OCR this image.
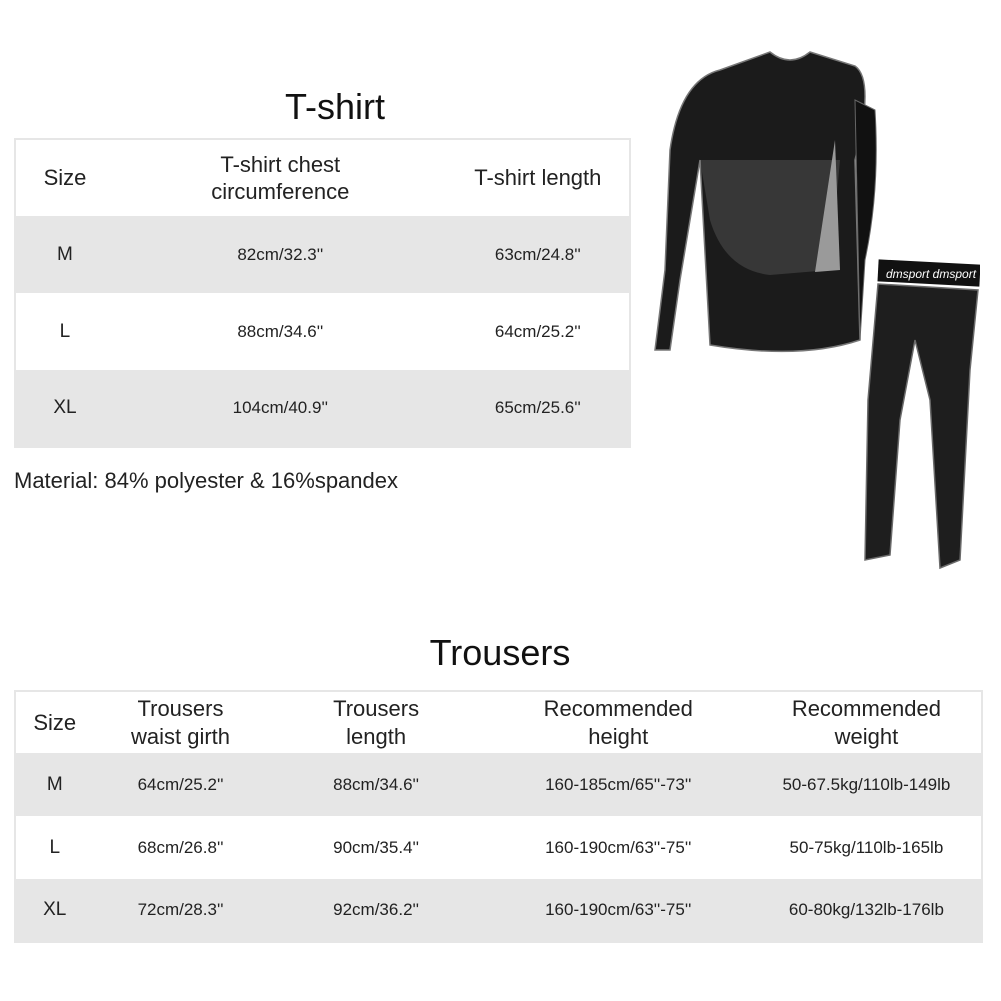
T-shirt
Size	T-shirt chest circumference	T-shirt length	
M	82cm/32.3''	63cm/24.8''	
L	88cm/34.6''	64cm/25.2''	
XL	104cm/40.9''	65cm/25.6''	
Material: 84% polyester & 16%spandex
dmsport dmsport
Trousers
Size	Trousers waist girth	Trousers length	Recommended height	Recommended weight
M	64cm/25.2''	88cm/34.6''	160-185cm/65''-73''	50-67.5kg/110lb-149lb
L	68cm/26.8''	90cm/35.4''	160-190cm/63''-75''	50-75kg/110lb-165lb
XL	72cm/28.3''	92cm/36.2''	160-190cm/63''-75''	60-80kg/132lb-176lb
